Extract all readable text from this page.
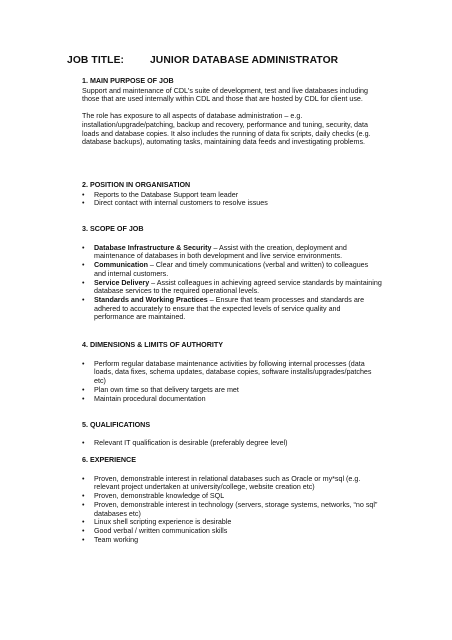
JOB TITLE:	JUNIOR DATABASE ADMINISTRATOR
1. MAIN PURPOSE OF JOB

Support and maintenance of CDL's suite of development, test and live databases including those that are used internally within CDL and those that are hosted by CDL for client use.

The role has exposure to all aspects of database administration – e.g. installation/upgrade/patching, backup and recovery, performance and tuning, security, data loads and database copies. It also includes the running of data fix scripts, daily checks (e.g. database backups), automating tasks, maintaining data feeds and investigating problems.

2. POSITION IN ORGANISATION
• Reports to the Database Support team leader
• Direct contact with internal customers to resolve issues
3. SCOPE OF JOB
• Database Infrastructure & Security – Assist with the creation, deployment and maintenance of databases in both development and live service environments.
• Communication – Clear and timely communications (verbal and written) to colleagues and internal customers.
• Service Delivery – Assist colleagues in achieving agreed service standards by maintaining database services to the required operational levels.
• Standards and Working Practices – Ensure that team processes and standards are adhered to accurately to ensure that the expected levels of service quality and performance are maintained.
4. DIMENSIONS & LIMITS OF AUTHORITY
• Perform regular database maintenance activities by following internal processes (data loads, data fixes, schema updates, database copies, software installs/upgrades/patches etc)
• Plan own time so that delivery targets are met
• Maintain procedural documentation
5. QUALIFICATIONS
• Relevant IT qualification is desirable (preferably degree level)
6. EXPERIENCE
• Proven, demonstrable interest in relational databases such as Oracle or my*sql (e.g. relevant project undertaken at university/college, website creation etc)
• Proven, demonstrable knowledge of SQL
• Proven, demonstrable interest in technology (servers, storage systems, networks, “no sql” databases etc)
• Linux shell scripting experience is desirable
• Good verbal / written communication skills
• Team working
